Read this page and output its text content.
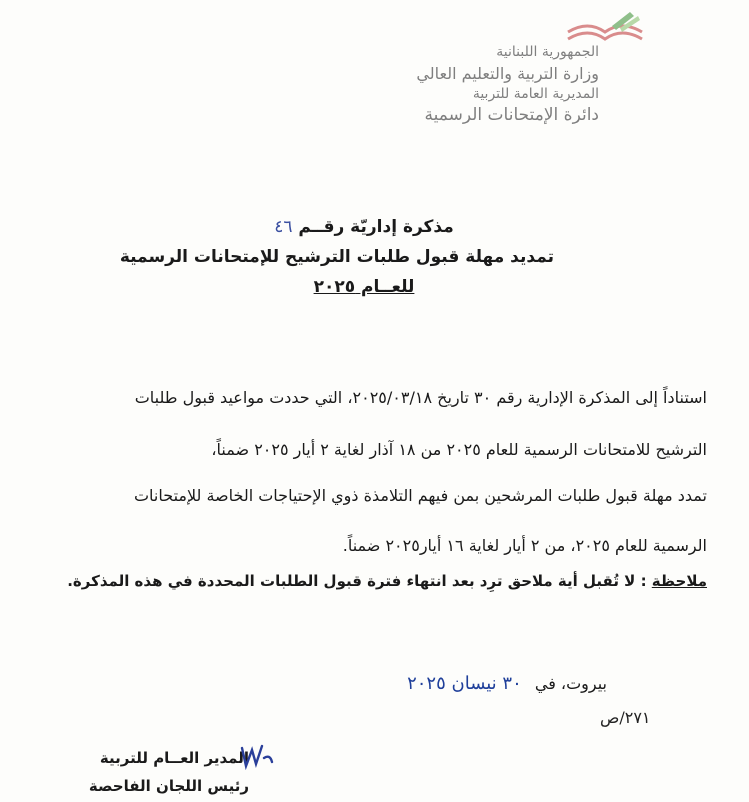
الجمهورية اللبنانية
وزارة التربية والتعليم العالي
المديرية العامة للتربية
دائرة الإمتحانات الرسمية
مذكرة إداريّة رقــم ٤٦
تمديد مهلة قبول طلبات الترشيح للإمتحانات الرسمية
للعــام ٢٠٢٥
استناداً إلى المذكرة الإدارية رقم ٣٠ تاريخ ٢٠٢٥/٠٣/١٨، التي حددت مواعيد قبول طلبات
الترشيح للامتحانات الرسمية للعام ٢٠٢٥ من ١٨ آذار لغاية ٢ أيار ٢٠٢٥ ضمناً،
تمدد مهلة قبول طلبات المرشحين بمن فيهم التلامذة ذوي الإحتياجات الخاصة للإمتحانات
الرسمية للعام ٢٠٢٥، من ٢ أيار لغاية ١٦ أيار٢٠٢٥ ضمناً.
ملاحظة : لا تُقبل أية ملاحق ترِد بعد انتهاء فترة قبول الطلبات المحددة في هذه المذكرة.
بيروت، في ٣٠ نيسان ٢٠٢٥
٢٧١/ص
المدير العــام للتربية
رئيس اللجان الفاحصة
